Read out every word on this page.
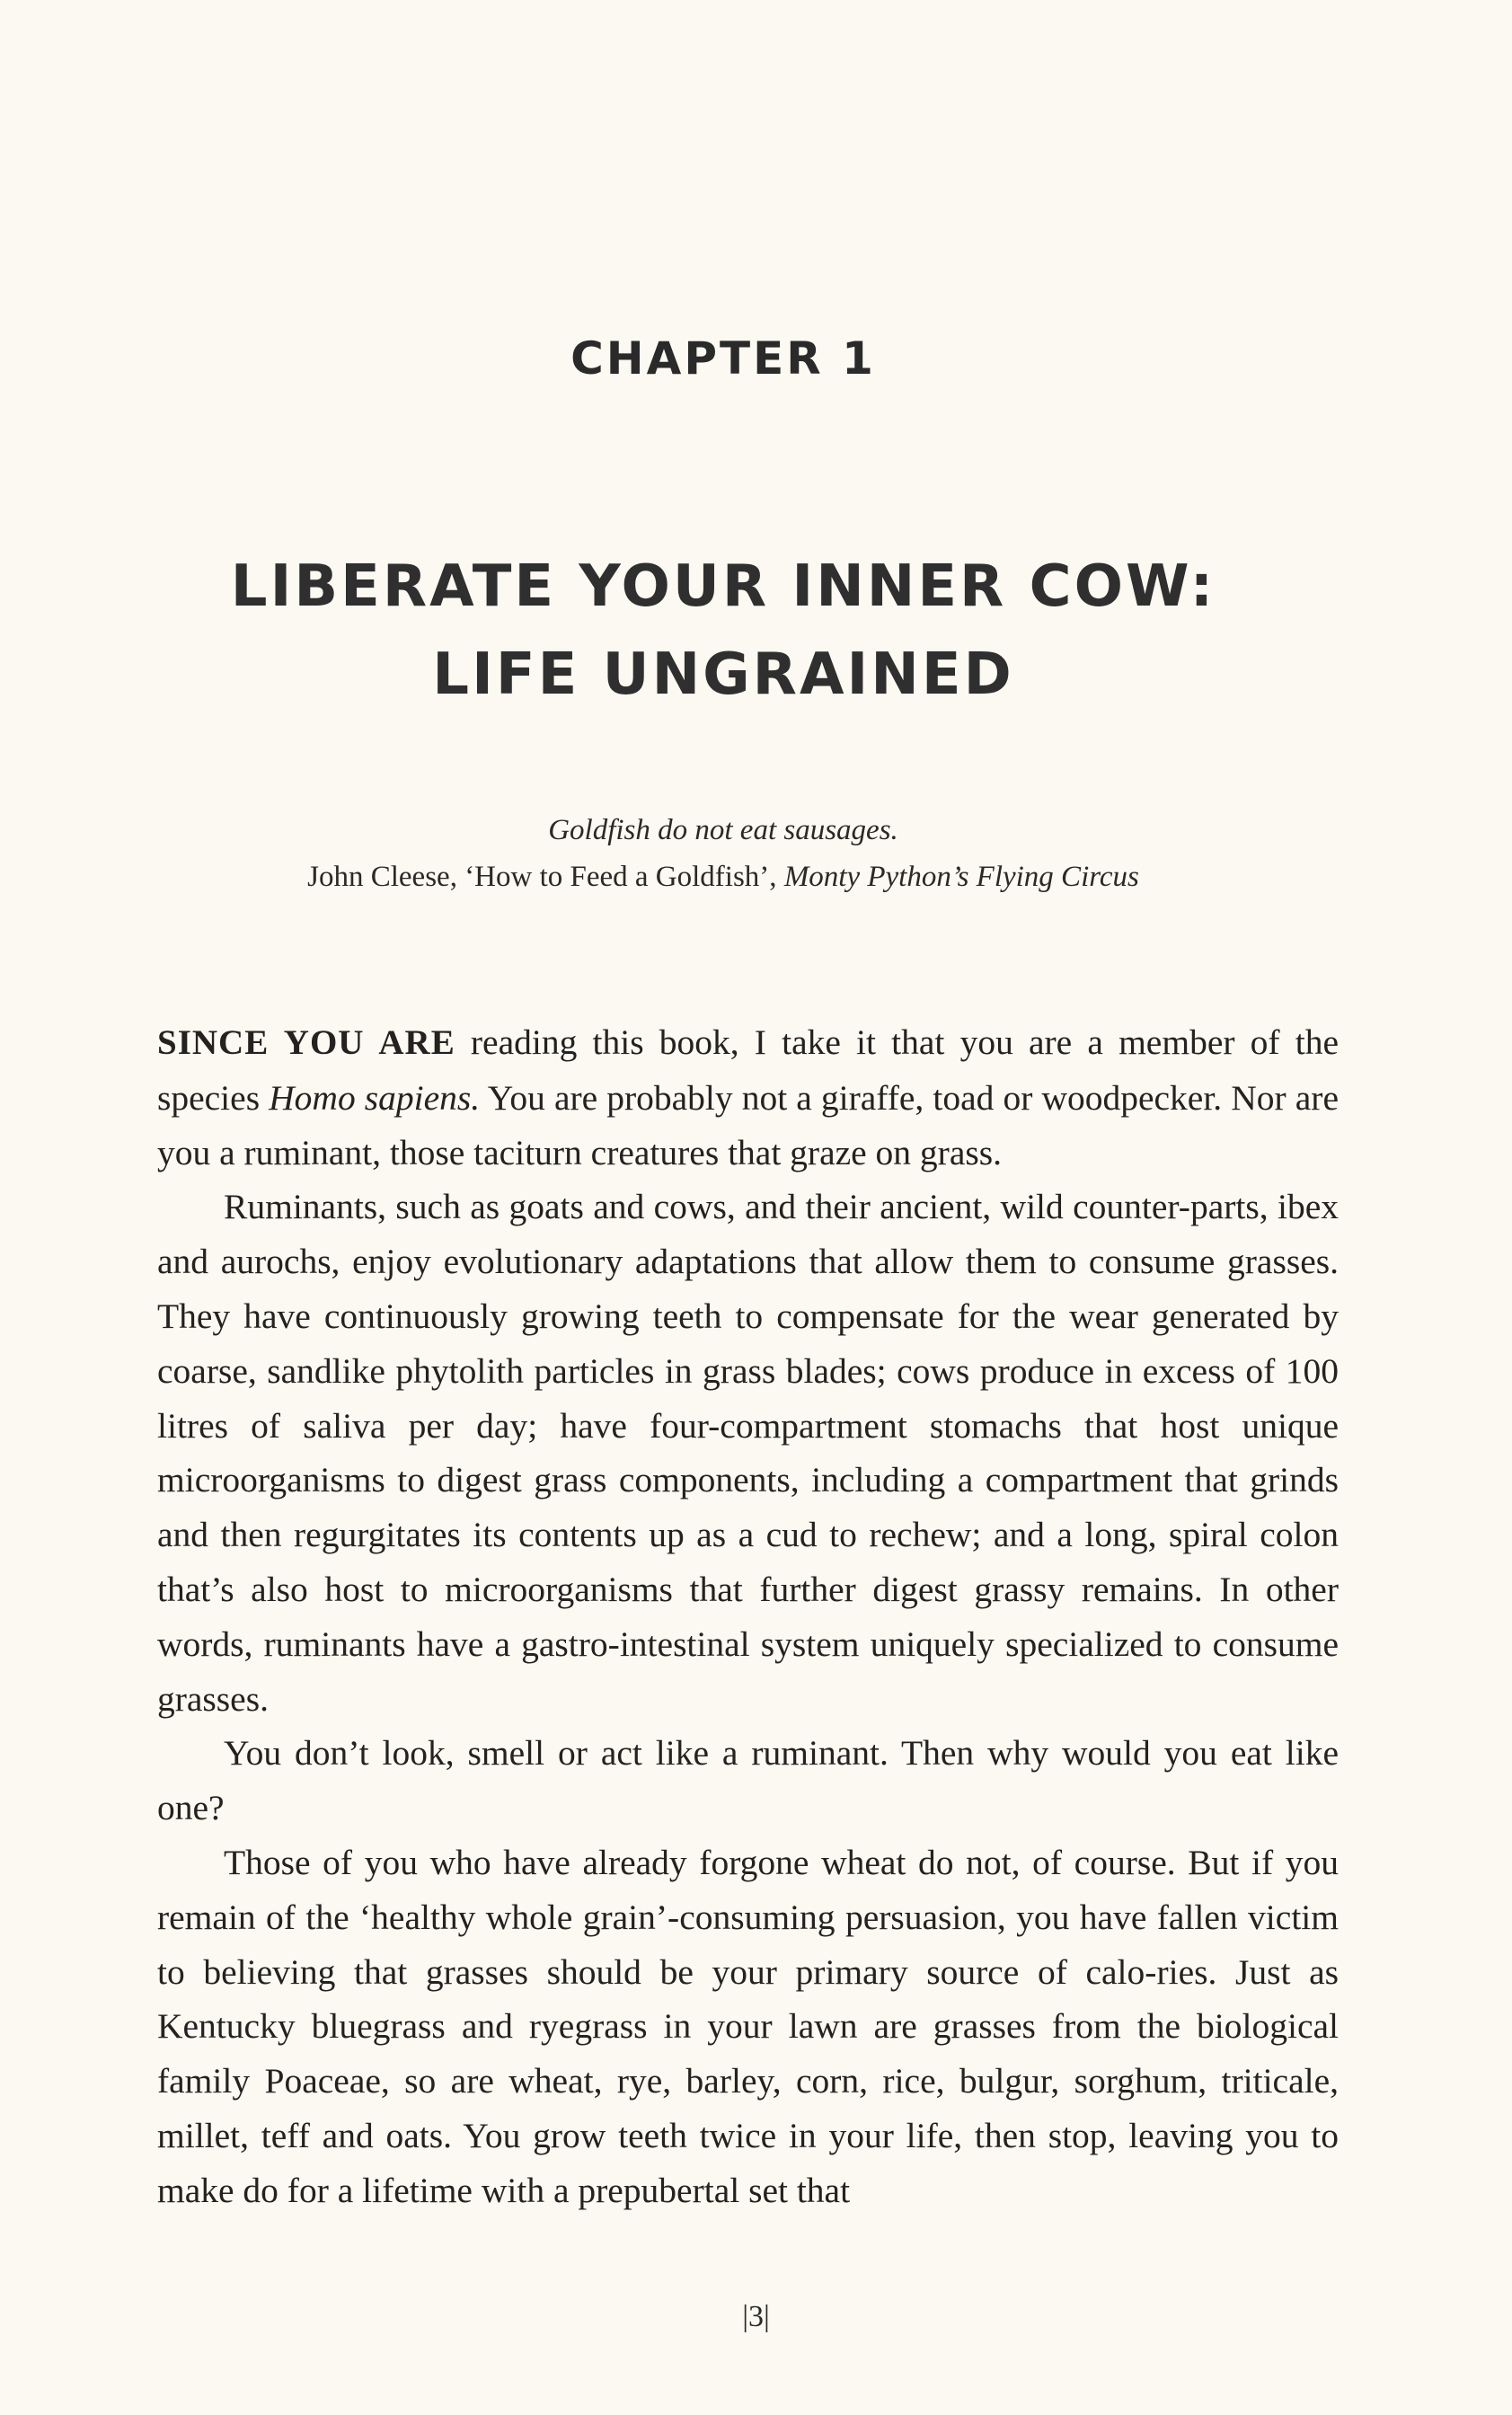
CHAPTER 1
LIBERATE YOUR INNER COW:
LIFE UNGRAINED
Goldfish do not eat sausages.
John Cleese, ‘How to Feed a Goldfish’, Monty Python’s Flying Circus

SINCE YOU ARE reading this book, I take it that you are a member of the species Homo sapiens. You are probably not a giraffe, toad or woodpecker. Nor are you a ruminant, those taciturn creatures that graze on grass.

Ruminants, such as goats and cows, and their ancient, wild counter-parts, ibex and aurochs, enjoy evolutionary adaptations that allow them to consume grasses. They have continuously growing teeth to compensate for the wear generated by coarse, sandlike phytolith particles in grass blades; cows produce in excess of 100 litres of saliva per day; have four-compartment stomachs that host unique microorganisms to digest grass components, including a compartment that grinds and then regurgitates its contents up as a cud to rechew; and a long, spiral colon that’s also host to microorganisms that further digest grassy remains. In other words, ruminants have a gastro-intestinal system uniquely specialized to consume grasses.

You don’t look, smell or act like a ruminant. Then why would you eat like one?

Those of you who have already forgone wheat do not, of course. But if you remain of the ‘healthy whole grain’-consuming persuasion, you have fallen victim to believing that grasses should be your primary source of calo-ries. Just as Kentucky bluegrass and ryegrass in your lawn are grasses from the biological family Poaceae, so are wheat, rye, barley, corn, rice, bulgur, sorghum, triticale, millet, teff and oats. You grow teeth twice in your life, then stop, leaving you to make do for a lifetime with a prepubertal set that

|3|
